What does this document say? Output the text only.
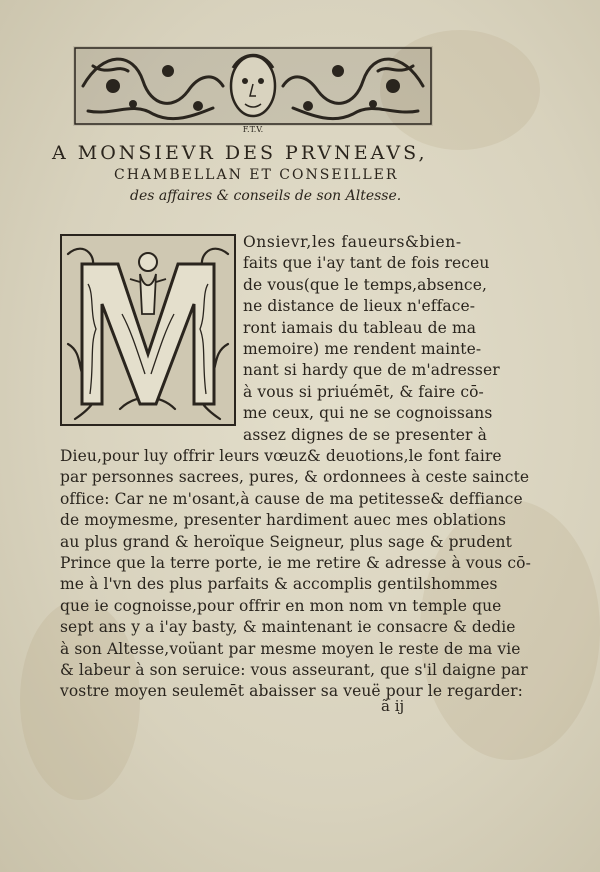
F.T.V.
A MONSIEVR DES PRVNEAVS,
CHAMBELLAN ET CONSEILLER
des affaires & conseils de son Altesse.
Onsievr,les faueurs&bien-
faits que i'ay tant de fois receu
de vous(que le temps,absence,
ne distance de lieux n'efface-
ront iamais du tableau de ma
memoire) me rendent mainte-
nant si hardy que de m'adresser
à vous si priuémēt, & faire cō-
me ceux, qui ne se cognoissans
assez dignes de se presenter à
Dieu,pour luy offrir leurs vœuz& deuotions,le font faire
par personnes sacrees, pures, & ordonnees à ceste saincte
office: Car ne m'osant,à cause de ma petitesse& deffiance
de moymesme, presenter hardiment auec mes oblations
au plus grand & heroïque Seigneur, plus sage & prudent
Prince que la terre porte, ie me retire & adresse à vous cō-
me à l'vn des plus parfaits & accomplis gentilshommes
que ie cognoisse,pour offrir en mon nom vn temple que
sept ans y a i'ay basty, & maintenant ie consacre & dedie
à son Altesse,voüant par mesme moyen le reste de ma vie
& labeur à son seruice: vous asseurant, que s'il daigne par
vostre moyen seulemēt abaisser sa veuë pour le regarder:
ã ij
